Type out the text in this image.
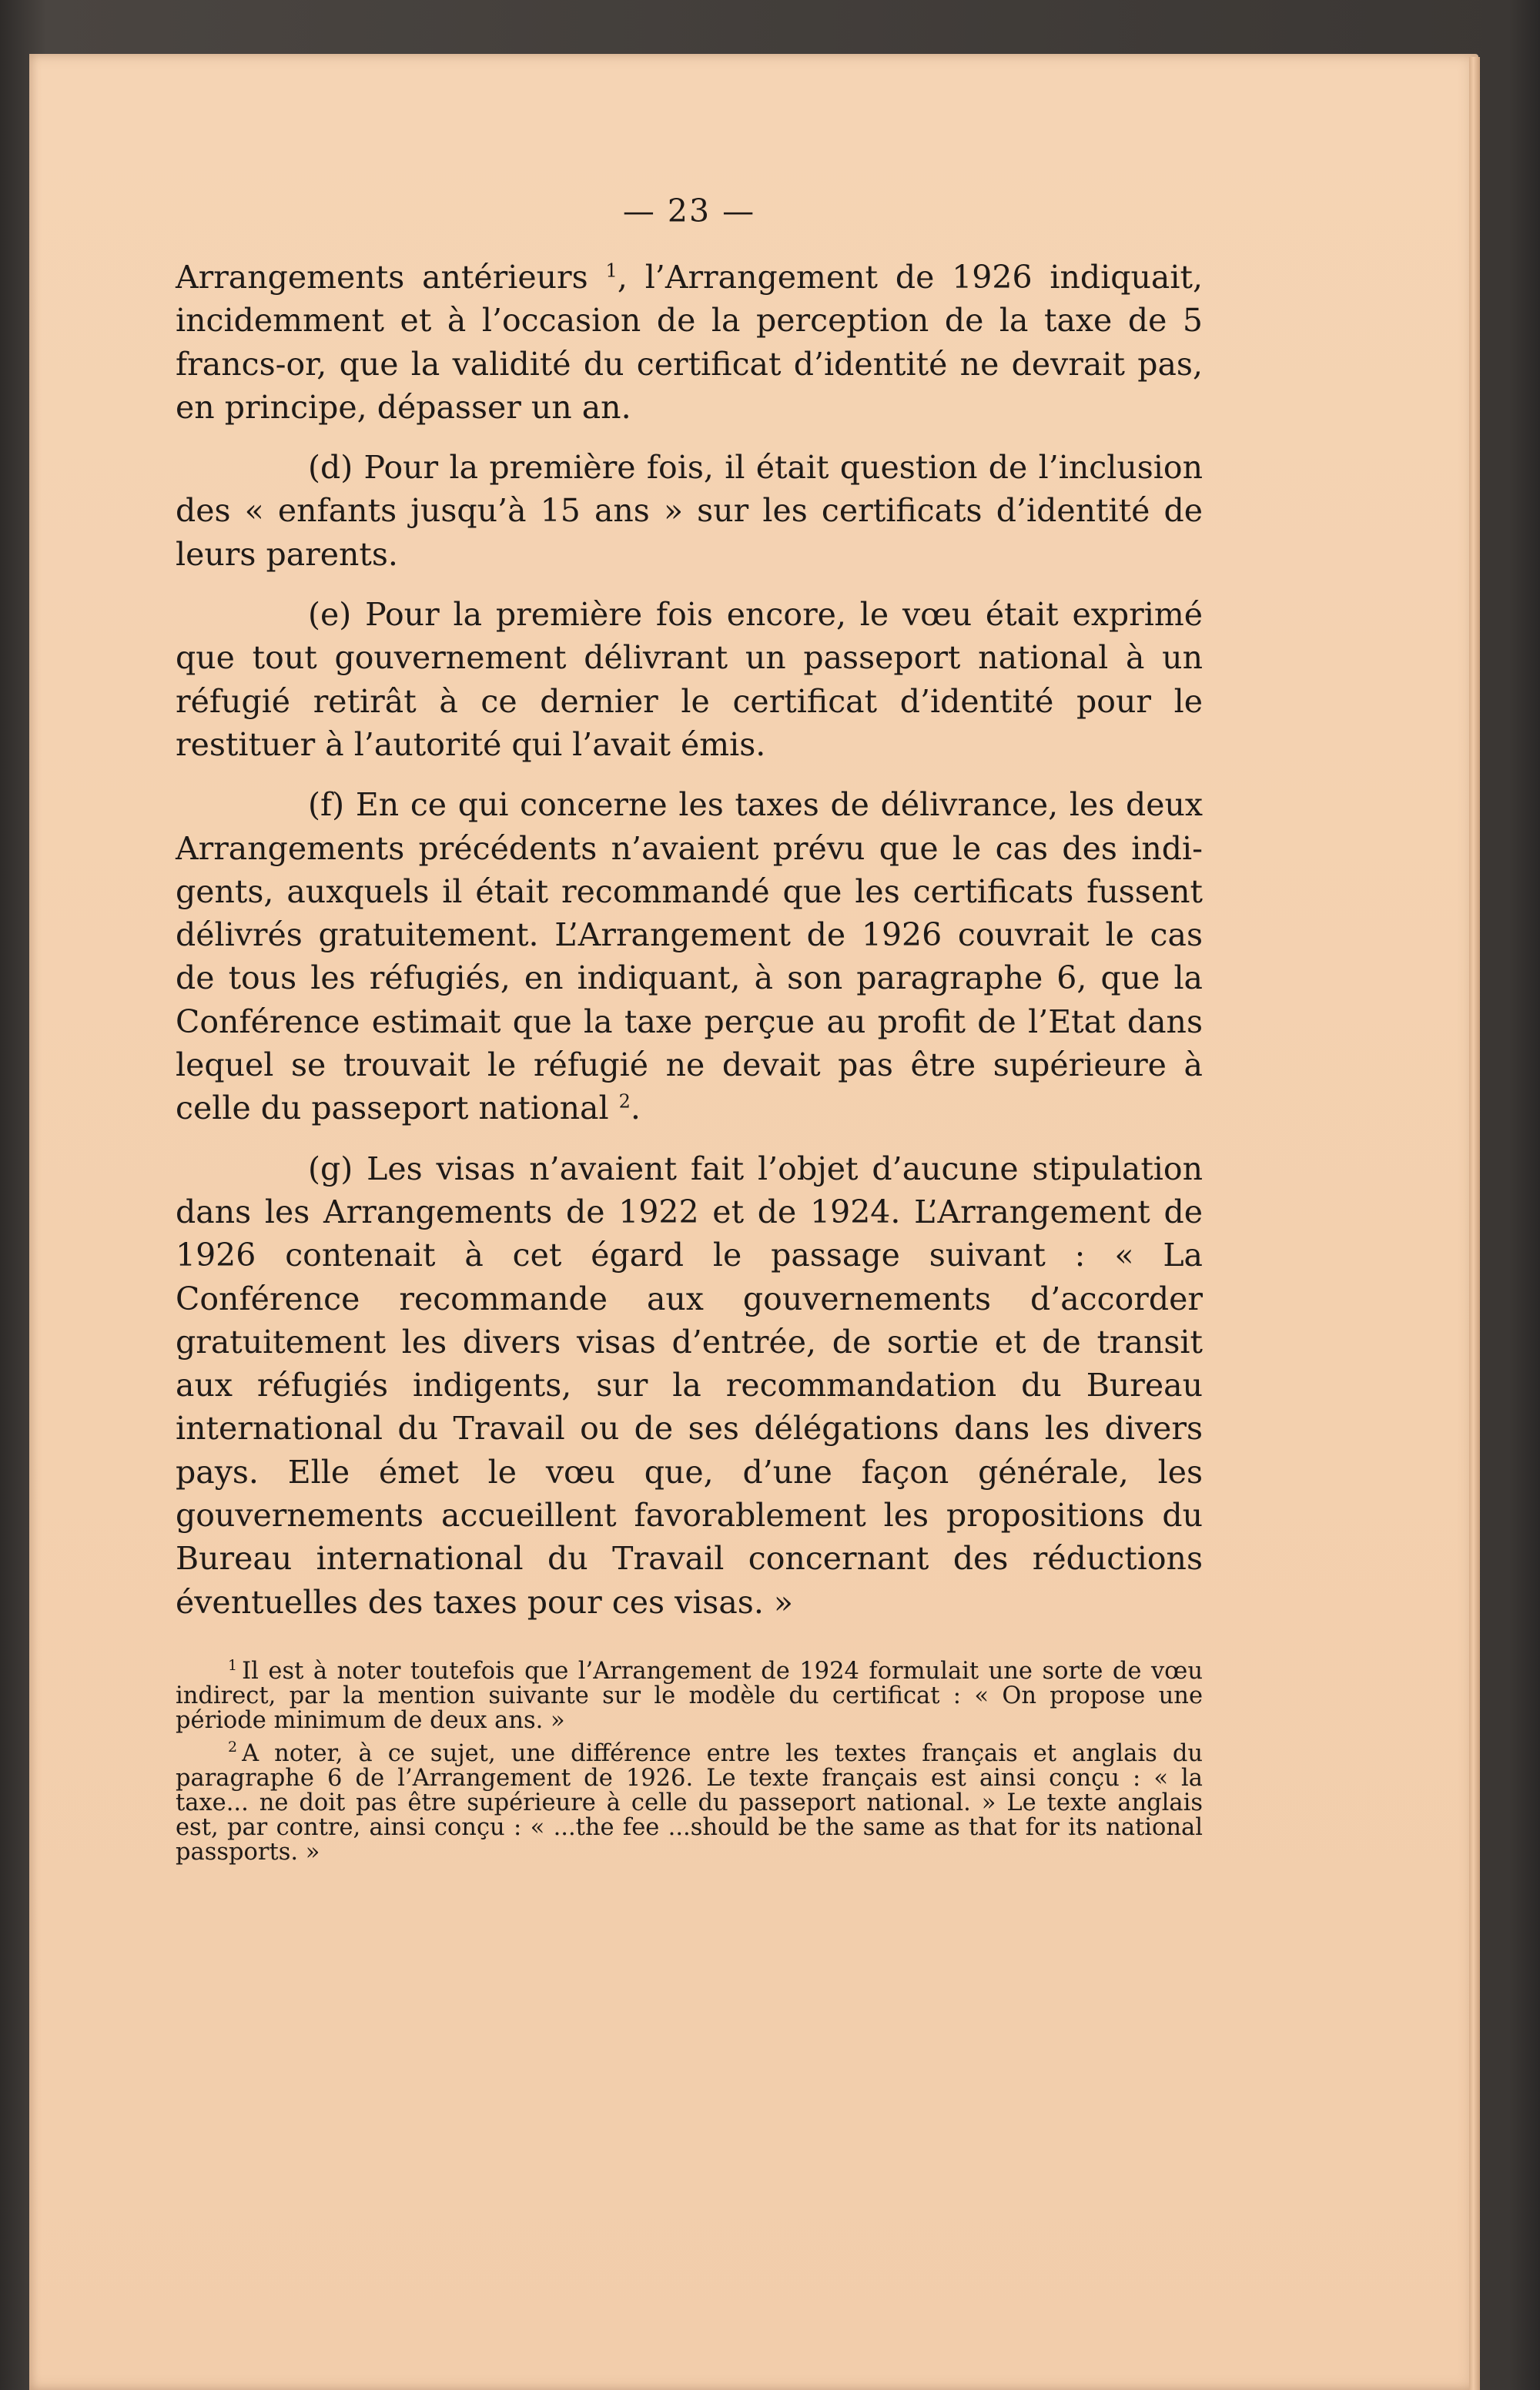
— 23 —

Arrangements antérieurs $^1$, l’Arrangement de 1926 indiquait, incidemment et à l’occasion de la perception de la taxe de 5 francs-or, que la validité du certificat d’identité ne devrait pas, en principe, dépasser un an.

(d) Pour la première fois, il était question de l’inclusion des « enfants jusqu’à 15 ans » sur les certificats d’identité de leurs parents.

(e) Pour la première fois encore, le vœu était exprimé que tout gouvernement délivrant un passeport national à un réfugié retirât à ce dernier le certificat d’identité pour le restituer à l’autorité qui l’avait émis.

(f) En ce qui concerne les taxes de délivrance, les deux Arrangements précédents n’avaient prévu que le cas des indigents, auxquels il était recommandé que les certificats fussent délivrés gratuitement. L’Arrangement de 1926 couvrait le cas de tous les réfugiés, en indiquant, à son paragraphe 6, que la Conférence estimait que la taxe perçue au profit de l’Etat dans lequel se trouvait le réfugié ne devait pas être supérieure à celle du passeport national $^2$.

(g) Les visas n’avaient fait l’objet d’aucune stipulation dans les Arrangements de 1922 et de 1924. L’Arrangement de 1926 contenait à cet égard le passage suivant : « La Conférence recommande aux gouvernements d’accorder gratuitement les divers visas d’entrée, de sortie et de transit aux réfugiés indigents, sur la recommandation du Bureau international du Travail ou de ses délégations dans les divers pays. Elle émet le vœu que, d’une façon générale, les gouvernements accueillent favorablement les propositions du Bureau international du Travail concernant des réductions éventuelles des taxes pour ces visas. »

$^1$ Il est à noter toutefois que l’Arrangement de 1924 formulait une sorte de vœu indirect, par la mention suivante sur le modèle du certificat : « On propose une période minimum de deux ans. »

$^2$ A noter, à ce sujet, une différence entre les textes français et anglais du paragraphe 6 de l’Arrangement de 1926. Le texte français est ainsi conçu : « la taxe... ne doit pas être supérieure à celle du passeport national. » Le texte anglais est, par contre, ainsi conçu : « ...the fee ...should be the same as that for its national passports. »
